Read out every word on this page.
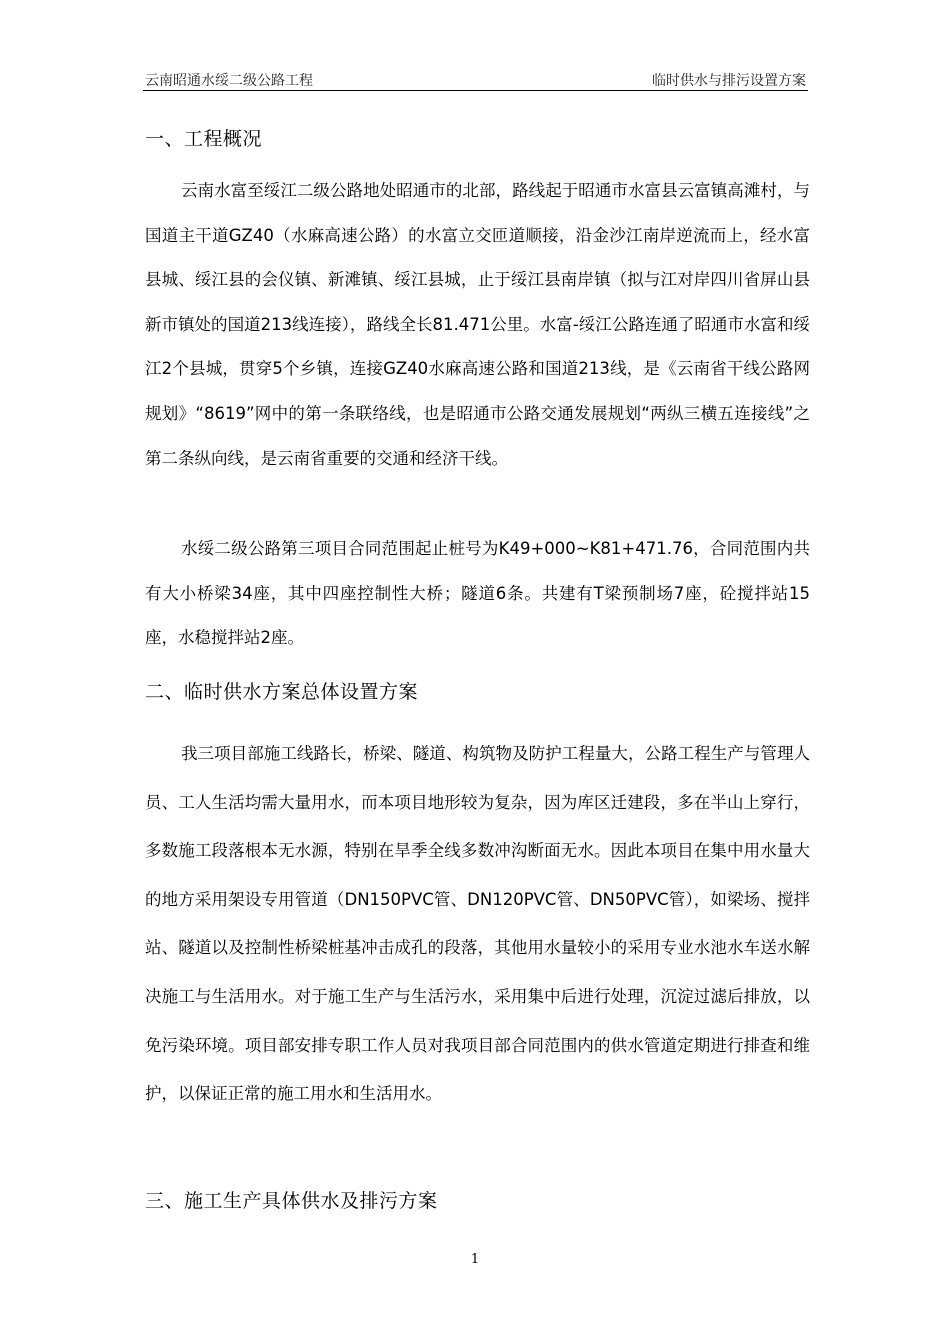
云南昭通水绥二级公路工程	临时供水与排污设置方案
一、工程概况

云南水富至绥江二级公路地处昭通市的北部，路线起于昭通市水富县云富镇高滩村，与国道主干道GZ40（水麻高速公路）的水富立交匝道顺接，沿金沙江南岸逆流而上，经水富县城、绥江县的会仪镇、新滩镇、绥江县城，止于绥江县南岸镇（拟与江对岸四川省屏山县新市镇处的国道213线连接），路线全长81.471公里。水富-绥江公路连通了昭通市水富和绥江2个县城，贯穿5个乡镇，连接GZ40水麻高速公路和国道213线，是《云南省干线公路网规划》“8619”网中的第一条联络线，也是昭通市公路交通发展规划“两纵三横五连接线”之第二条纵向线，是云南省重要的交通和经济干线。

水绥二级公路第三项目合同范围起止桩号为K49+000~K81+471.76，合同范围内共有大小桥梁34座，其中四座控制性大桥；隧道6条。共建有T梁预制场7座，砼搅拌站15座，水稳搅拌站2座。

二、临时供水方案总体设置方案

我三项目部施工线路长，桥梁、隧道、构筑物及防护工程量大，公路工程生产与管理人员、工人生活均需大量用水，而本项目地形较为复杂，因为库区迁建段，多在半山上穿行，多数施工段落根本无水源，特别在旱季全线多数冲沟断面无水。因此本项目在集中用水量大的地方采用架设专用管道（DN150PVC管、DN120PVC管、DN50PVC管），如梁场、搅拌站、隧道以及控制性桥梁桩基冲击成孔的段落，其他用水量较小的采用专业水池水车送水解决施工与生活用水。对于施工生产与生活污水，采用集中后进行处理，沉淀过滤后排放，以免污染环境。项目部安排专职工作人员对我项目部合同范围内的供水管道定期进行排查和维护，以保证正常的施工用水和生活用水。

三、施工生产具体供水及排污方案
1
